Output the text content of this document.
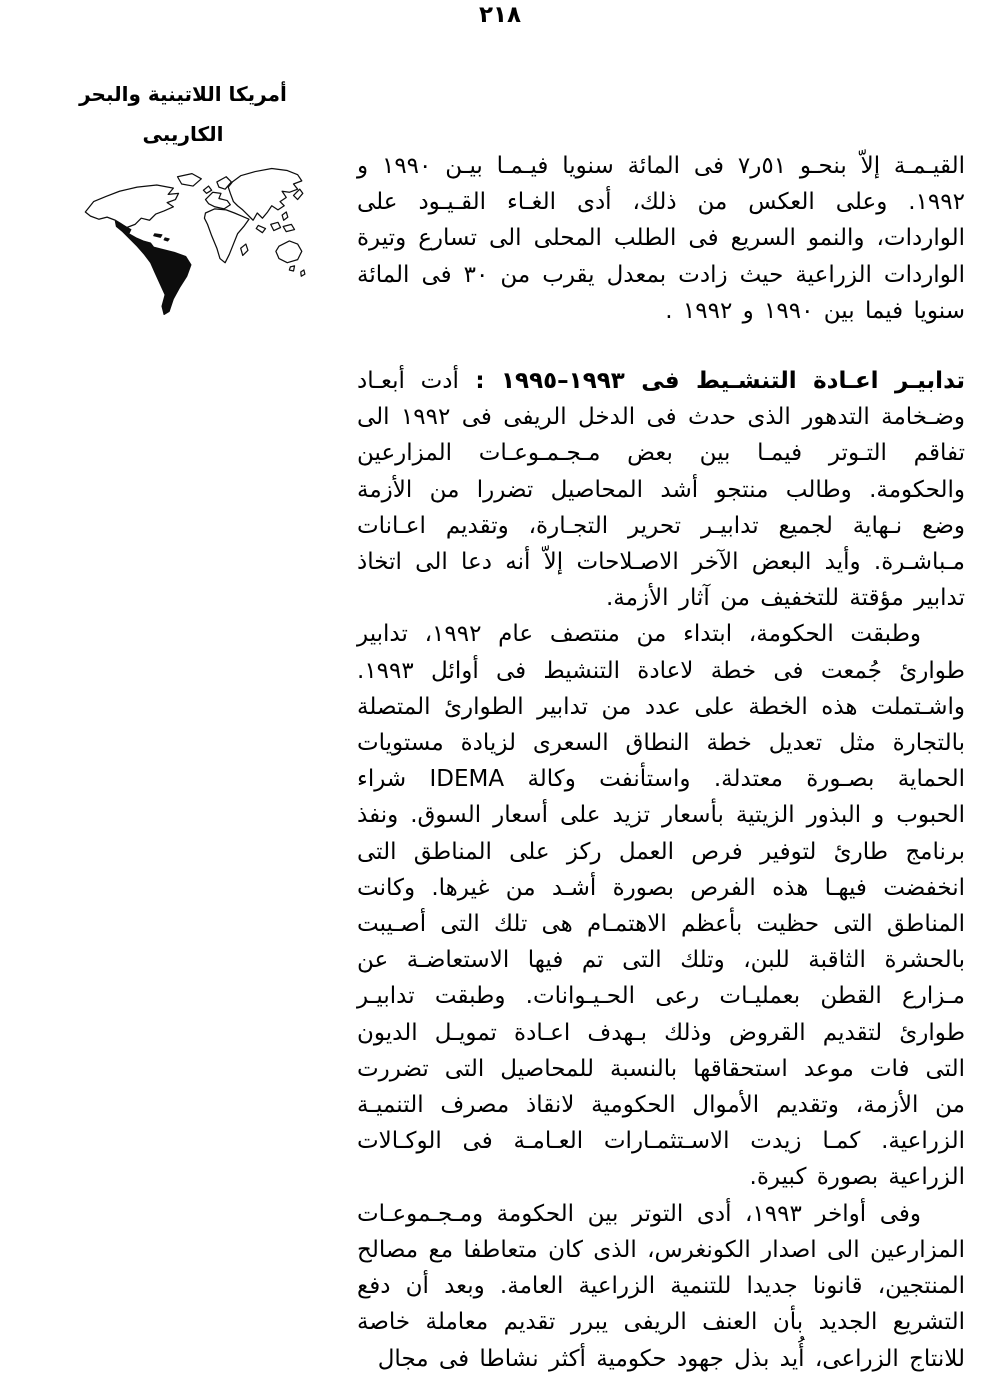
٢١٨
أمريكا اللاتينية والبحر
الكاريبى

القيـمـة إلاّ بنحـو ٥١ر٧ فى المائة سنويا فيـمـا بيـن ١٩٩٠ و ١٩٩٢. وعلى العكس من ذلك، أدى الغـاء القـيـود على الواردات، والنمو السريع فى الطلب المحلى الى تسارع وتيرة الواردات الزراعية حيث زادت بمعدل يقرب من ٣٠ فى المائة سنويا فيما بين ١٩٩٠ و ١٩٩٢ .

تدابيـر اعـادة التنشـيط فى ١٩٩٣–١٩٩٥ : أدت أبعـاد وضـخامة التدهور الذى حدث فى الدخل الريفى فى ١٩٩٢ الى تفاقم التـوتر فيمـا بين بعض مـجـمـوعـات المزارعين والحكومة. وطالب منتجو أشد المحاصيل تضررا من الأزمة وضع نـهاية لجميع تدابيـر تحرير التجـارة، وتقديم اعـانات مـباشـرة. وأيد البعض الآخر الاصـلاحات إلاّ أنه دعا الى اتخاذ تدابير مؤقتة للتخفيف من آثار الأزمة.

وطبقت الحكومة، ابتداء من منتصف عام ١٩٩٢، تدابير طوارئ جُمعت فى خطة لاعادة التنشيط فى أوائل ١٩٩٣. واشـتملت هذه الخطة على عدد من تدابير الطوارئ المتصلة بالتجارة مثل تعديل خطة النطاق السعرى لزيادة مستويات الحماية بصـورة معتدلة. واستأنفت وكالة IDEMA شراء الحبوب و البذور الزيتية بأسعار تزيد على أسعار السوق. ونفذ برنامج طارئ لتوفير فرص العمل ركز على المناطق التى انخفضت فيهـا هذه الفرص بصورة أشـد من غيرها. وكانت المناطق التى حظيت بأعظم الاهتمـام هى تلك التى أصـيبت بالحشرة الثاقبة للبن، وتلك التى تم فيها الاستعاضـة عن مـزارع القطن بعمليـات رعى الحـيـوانات. وطبقت تدابيـر طوارئ لتقديم القروض وذلك بـهدف اعـادة تمويـل الديون التى فات موعد استحقاقها بالنسبة للمحاصيل التى تضررت من الأزمة، وتقديم الأموال الحكومية لانقاذ مصرف التنميـة الزراعية. كمـا زيدت الاسـتثمـارات العـامـة فى الوكـالات الزراعية بصورة كبيرة.

وفى أواخر ١٩٩٣، أدى التوتر بين الحكومة ومـجـموعـات المزارعين الى اصدار الكونغرس، الذى كان متعاطفا مع مصالح المنتجين، قانونا جديدا للتنمية الزراعية العامة. وبعد أن دفع التشريع الجديد بأن العنف الريفى يبرر تقديم معاملة خاصة للانتاج الزراعى، أُيد بذل جهود حكومية أكثر نشاطا فى مجال
